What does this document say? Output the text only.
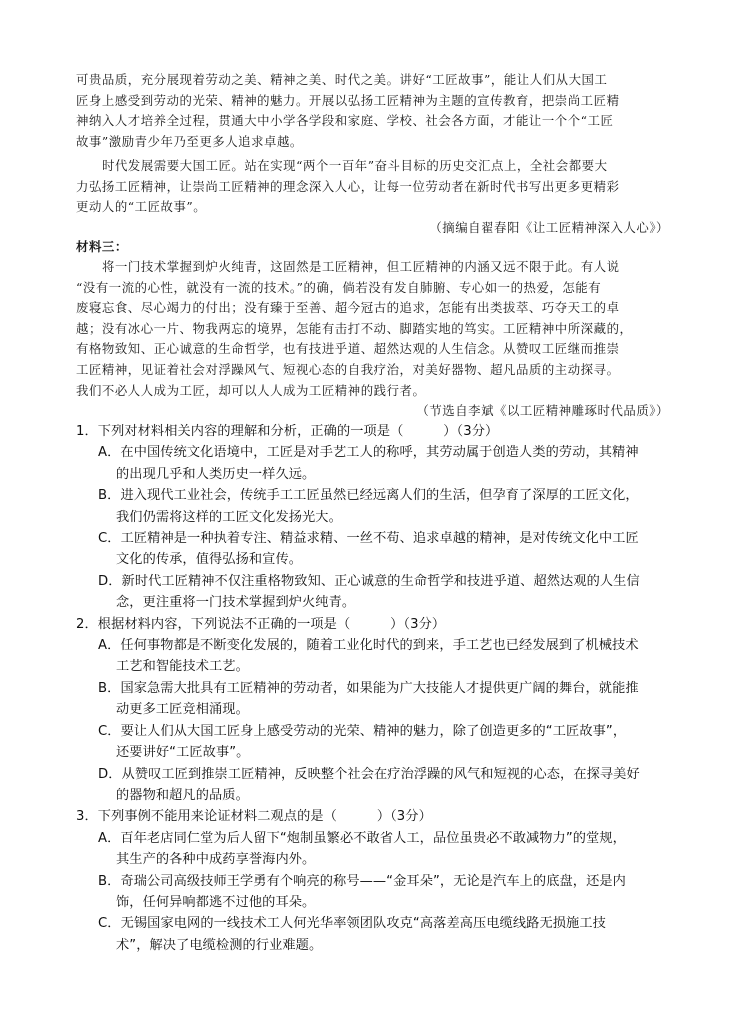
可贵品质，充分展现着劳动之美、精神之美、时代之美。讲好“工匠故事”，能让人们从大国工
匠身上感受到劳动的光荣、精神的魅力。开展以弘扬工匠精神为主题的宣传教育，把崇尚工匠精
神纳入人才培养全过程，贯通大中小学各学段和家庭、学校、社会各方面，才能让一个个“工匠
故事”激励青少年乃至更多人追求卓越。
时代发展需要大国工匠。站在实现“两个一百年”奋斗目标的历史交汇点上，全社会都要大
力弘扬工匠精神，让崇尚工匠精神的理念深入人心，让每一位劳动者在新时代书写出更多更精彩
更动人的“工匠故事”。
（摘编自翟春阳《让工匠精神深入人心》）
材料三：
将一门技术掌握到炉火纯青，这固然是工匠精神，但工匠精神的内涵又远不限于此。有人说
“没有一流的心性，就没有一流的技术。”的确，倘若没有发自肺腑、专心如一的热爱，怎能有
废寝忘食、尽心竭力的付出；没有臻于至善、超今冠古的追求，怎能有出类拔萃、巧夺天工的卓
越；没有冰心一片、物我两忘的境界，怎能有击打不动、脚踏实地的笃实。工匠精神中所深藏的，
有格物致知、正心诚意的生命哲学，也有技进乎道、超然达观的人生信念。从赞叹工匠继而推崇
工匠精神，见证着社会对浮躁风气、短视心态的自我疗治，对美好器物、超凡品质的主动探寻。
我们不必人人成为工匠，却可以人人成为工匠精神的践行者。
（节选自李斌《以工匠精神雕琢时代品质》）
1．下列对材料相关内容的理解和分析，正确的一项是（　　　）（3分）
A．在中国传统文化语境中，工匠是对手艺工人的称呼，其劳动属于创造人类的劳动，其精神
的出现几乎和人类历史一样久远。
B．进入现代工业社会，传统手工工匠虽然已经远离人们的生活，但孕育了深厚的工匠文化，
我们仍需将这样的工匠文化发扬光大。
C．工匠精神是一种执着专注、精益求精、一丝不苟、追求卓越的精神，是对传统文化中工匠
文化的传承，值得弘扬和宣传。
D．新时代工匠精神不仅注重格物致知、正心诚意的生命哲学和技进乎道、超然达观的人生信
念，更注重将一门技术掌握到炉火纯青。
2．根据材料内容，下列说法不正确的一项是（　　　）（3分）
A．任何事物都是不断变化发展的，随着工业化时代的到来，手工艺也已经发展到了机械技术
工艺和智能技术工艺。
B．国家急需大批具有工匠精神的劳动者，如果能为广大技能人才提供更广阔的舞台，就能推
动更多工匠竞相涌现。
C．要让人们从大国工匠身上感受劳动的光荣、精神的魅力，除了创造更多的“工匠故事”，
还要讲好“工匠故事”。
D．从赞叹工匠到推崇工匠精神，反映整个社会在疗治浮躁的风气和短视的心态，在探寻美好
的器物和超凡的品质。
3．下列事例不能用来论证材料二观点的是（　　　）（3分）
A．百年老店同仁堂为后人留下“炮制虽繁必不敢省人工，品位虽贵必不敢减物力”的堂规，
其生产的各种中成药享誉海内外。
B．奇瑞公司高级技师王学勇有个响亮的称号——“金耳朵”，无论是汽车上的底盘，还是内
饰，任何异响都逃不过他的耳朵。
C．无锡国家电网的一线技术工人何光华率领团队攻克“高落差高压电缆线路无损施工技
术”，解决了电缆检测的行业难题。
